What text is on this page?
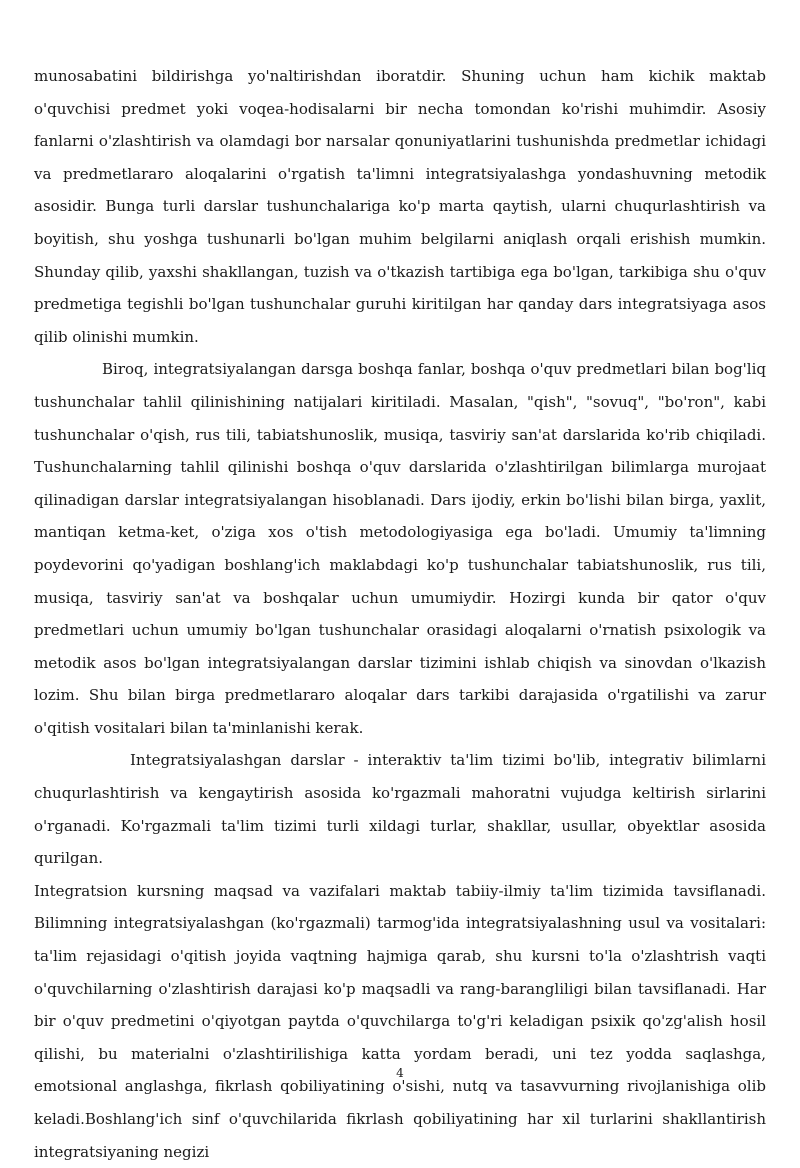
munosabatini bildirishga yo'naltirishdan iboratdir. Shuning uchun ham kichik maktab o'quvchisi predmet yoki voqea-hodisalarni bir necha tomondan ko'rishi muhimdir. Asosiy fanlarni o'zlashtirish va olamdagi bor narsalar qonuniyatlarini tushunishda predmetlar ichidagi va predmetlararo aloqalarini o'rgatish ta'limni integratsiyalashga yondashuvning metodik asosidir. Bunga turli darslar tushunchalariga ko'p marta qaytish, ularni chuqurlashtirish va boyitish, shu yoshga tushunarli bo'lgan muhim belgilarni aniqlash orqali erishish mumkin. Shunday qilib, yaxshi shakllangan, tuzish va o'tkazish tartibiga ega bo'lgan, tarkibiga shu o'quv predmetiga tegishli bo'lgan tushunchalar guruhi kiritilgan har qanday dars integratsiyaga asos qilib olinishi mumkin.

Biroq, integratsiyalangan darsga boshqa fanlar, boshqa o'quv predmetlari bilan bog'liq tushunchalar tahlil qilinishining natijalari kiritiladi. Masalan, "qish", "sovuq", "bo'ron", kabi tushunchalar o'qish, rus tili, tabiatshunoslik, musiqa, tasviriy san'at darslarida ko'rib chiqiladi. Tushunchalarning tahlil qilinishi boshqa o'quv darslarida o'zlashtirilgan bilimlarga murojaat qilinadigan darslar integratsiyalangan hisoblanadi. Dars ijodiy, erkin bo'lishi bilan birga, yaxlit, mantiqan ketma-ket, o'ziga xos o'tish metodologiyasiga ega bo'ladi. Umumiy ta'limning poydevorini qo'yadigan boshlang'ich maklabdagi ko'p tushunchalar tabiatshunoslik, rus tili, musiqa, tasviriy san'at va boshqalar uchun umumiydir. Hozirgi kunda bir qator o'quv predmetlari uchun umumiy bo'lgan tushunchalar orasidagi aloqalarni o'rnatish psixologik va metodik asos bo'lgan integratsiyalangan darslar tizimini ishlab chiqish va sinovdan o'lkazish lozim. Shu bilan birga predmetlararo aloqalar dars tarkibi darajasida o'rgatilishi va zarur o'qitish vositalari bilan ta'minlanishi kerak.

Integratsiyalashgan darslar - interaktiv ta'lim tizimi bo'lib, integrativ bilimlarni chuqurlashtirish va kengaytirish asosida ko'rgazmali mahoratni vujudga keltirish sirlarini o'rganadi. Ko'rgazmali ta'lim tizimi turli xildagi turlar, shakllar, usullar, obyektlar asosida qurilgan.

Integratsion kursning maqsad va vazifalari maktab tabiiy-ilmiy ta'lim tizimida tavsiflanadi. Bilimning integratsiyalashgan (ko'rgazmali) tarmog'ida integratsiyalashning usul va vositalari: ta'lim rejasidagi o'qitish joyida vaqtning hajmiga qarab, shu kursni to'la o'zlashtrish vaqti o'quvchilarning o'zlashtirish darajasi ko'p maqsadli va rang-barangliligi bilan tavsiflanadi. Har bir o'quv predmetini o'qiyotgan paytda o'quvchilarga to'g'ri keladigan psixik qo'zg'alish hosil qilishi, bu materialni o'zlashtirilishiga katta yordam beradi, uni tez yodda saqlashga, emotsional anglashga, fikrlash qobiliyatining o'sishi, nutq va tasavvurning rivojlanishiga olib keladi.Boshlang'ich sinf o'quvchilarida fikrlash qobiliyatining har xil turlarini shakllantirish integratsiyaning negizi

4
